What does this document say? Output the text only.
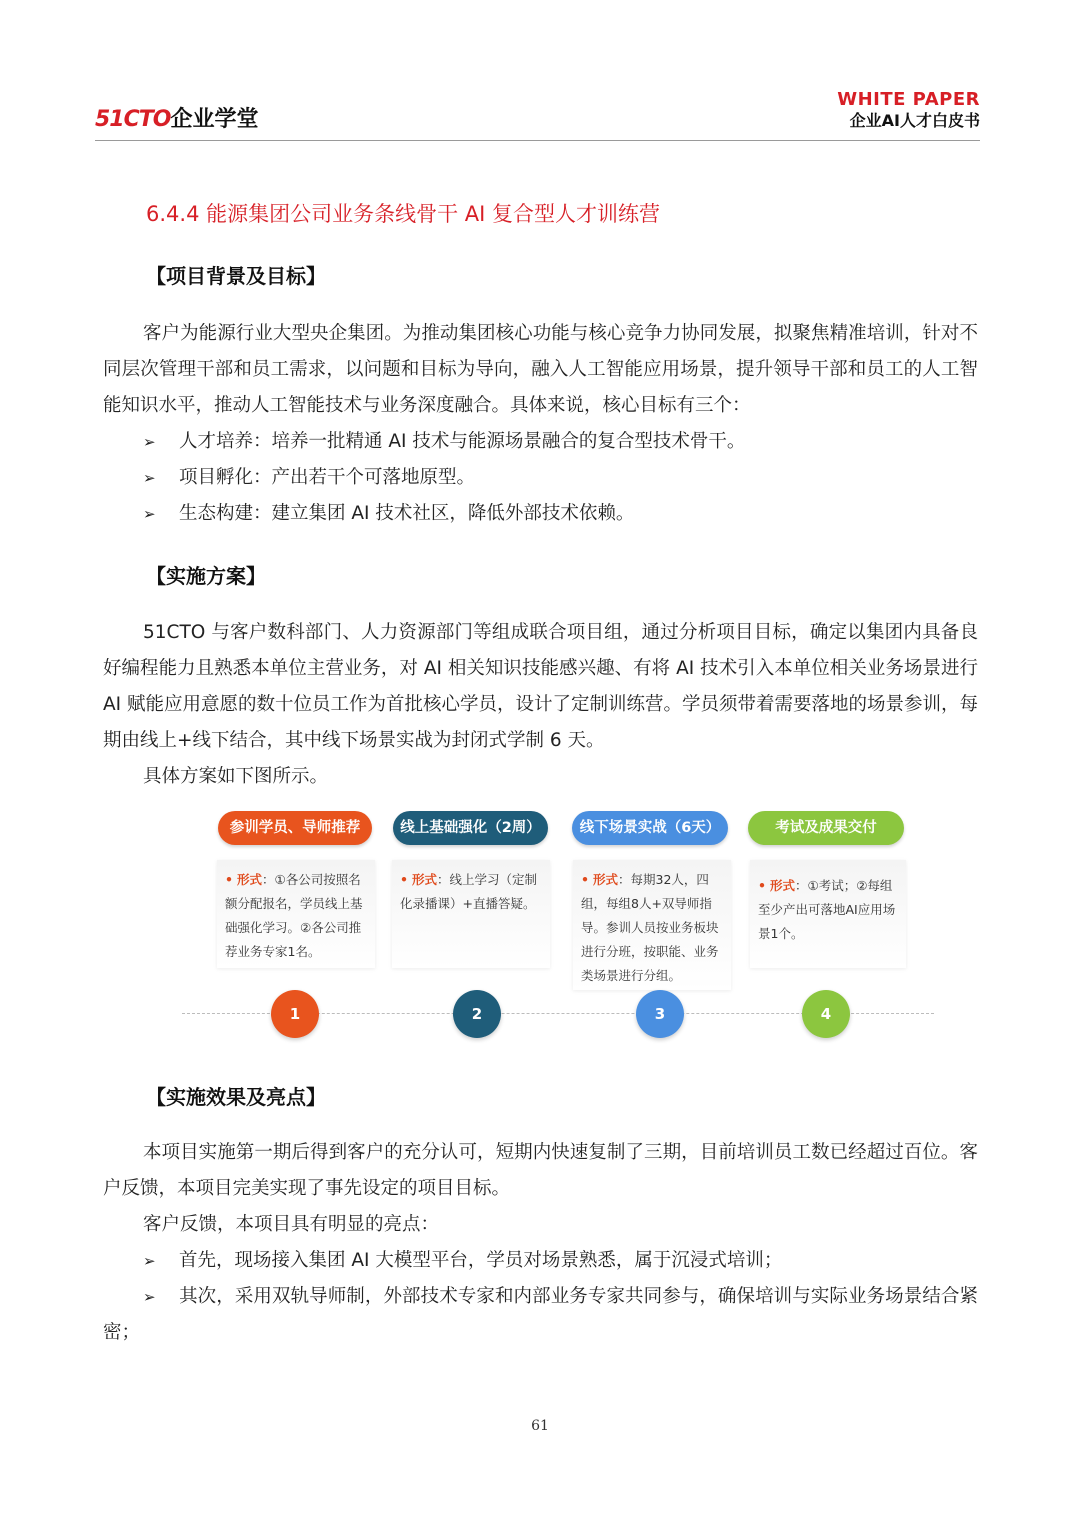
51CTO企业学堂
WHITE PAPER
企业AI人才白皮书
6.4.4 能源集团公司业务条线骨干 AI 复合型人才训练营
【项目背景及目标】

客户为能源行业大型央企集团。为推动集团核心功能与核心竞争力协同发展，拟聚焦精准培训，针对不同层次管理干部和员工需求，以问题和目标为导向，融入人工智能应用场景，提升领导干部和员工的人工智能知识水平，推动人工智能技术与业务深度融合。具体来说，核心目标有三个：

➢ 人才培养：培养一批精通 AI 技术与能源场景融合的复合型技术骨干。
➢ 项目孵化：产出若干个可落地原型。
➢ 生态构建：建立集团 AI 技术社区，降低外部技术依赖。
【实施方案】

51CTO 与客户数科部门、人力资源部门等组成联合项目组，通过分析项目目标，确定以集团内具备良好编程能力且熟悉本单位主营业务，对 AI 相关知识技能感兴趣、有将 AI 技术引入本单位相关业务场景进行 AI 赋能应用意愿的数十位员工作为首批核心学员，设计了定制训练营。学员须带着需要落地的场景参训，每期由线上+线下结合，其中线下场景实战为封闭式学制 6 天。

具体方案如下图所示。
参训学员、导师推荐	线上基础强化（2周）	线下场景实战（6天）	考试及成果交付
• 形式：①各公司按照名额分配报名，学员线上基础强化学习。②各公司推荐业务专家1名。
• 形式：线上学习（定制化录播课）+直播答疑。
• 形式：每期32人，四组，每组8人+双导师指导。参训人员按业务板块进行分班，按职能、业务类场景进行分组。
• 形式：①考试；②每组至少产出可落地AI应用场景1个。
1	2	3	4
【实施效果及亮点】

本项目实施第一期后得到客户的充分认可，短期内快速复制了三期，目前培训员工数已经超过百位。客户反馈，本项目完美实现了事先设定的项目目标。

客户反馈，本项目具有明显的亮点：
➢ 首先，现场接入集团 AI 大模型平台，学员对场景熟悉，属于沉浸式培训；

➢ 其次，采用双轨导师制，外部技术专家和内部业务专家共同参与，确保培训与实际业务场景结合紧密；

61
